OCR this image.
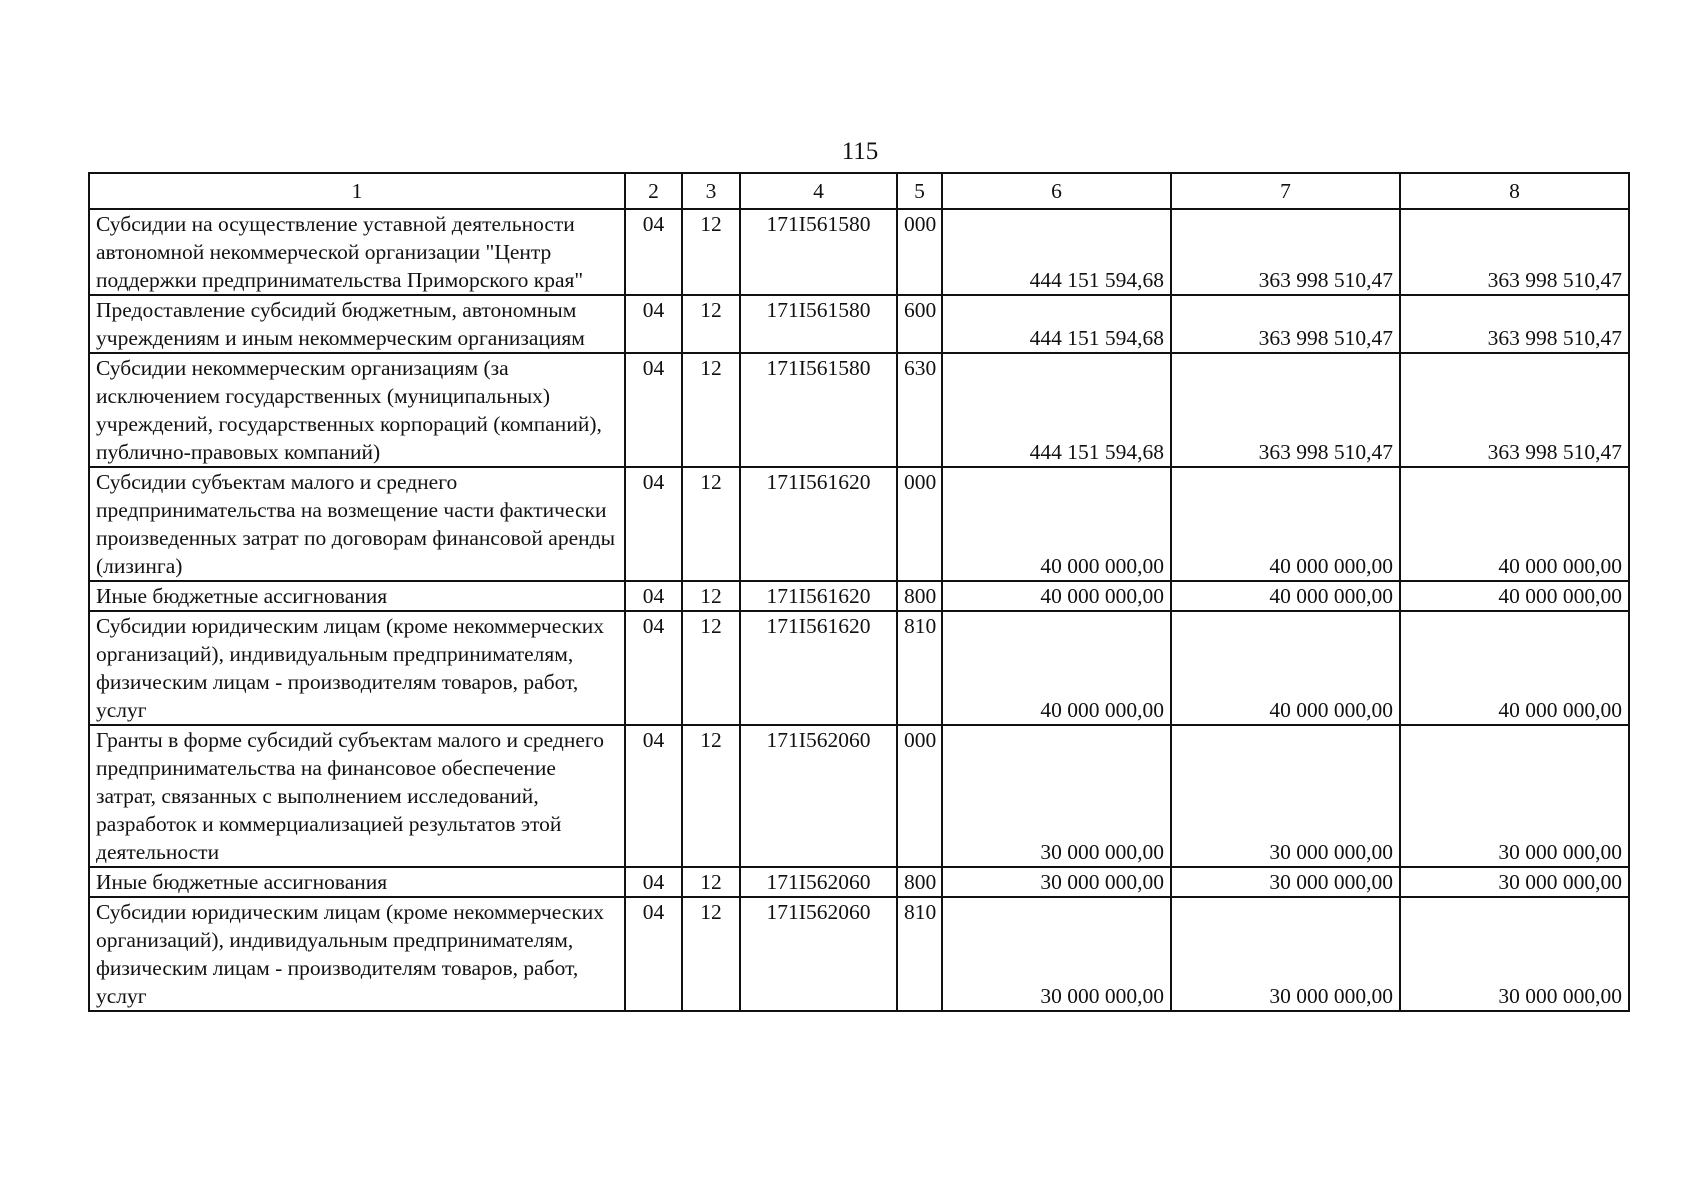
115
1	2	3	4	5	6	7	8
Субсидии на осуществление уставной деятельности автономной некоммерческой организации "Центр поддержки предпринимательства Приморского края"	04	12	171I561580	000	444 151 594,68	363 998 510,47	363 998 510,47
Предоставление субсидий бюджетным, автономным учреждениям и иным некоммерческим организациям	04	12	171I561580	600	444 151 594,68	363 998 510,47	363 998 510,47
Субсидии некоммерческим организациям (за исключением государственных (муниципальных) учреждений, государственных корпораций (компаний), публично-правовых компаний)	04	12	171I561580	630	444 151 594,68	363 998 510,47	363 998 510,47
Субсидии субъектам малого и среднего предпринимательства на возмещение части фактически произведенных затрат по договорам финансовой аренды (лизинга)	04	12	171I561620	000	40 000 000,00	40 000 000,00	40 000 000,00
Иные бюджетные ассигнования	04	12	171I561620	800	40 000 000,00	40 000 000,00	40 000 000,00
Субсидии юридическим лицам (кроме некоммерческих организаций), индивидуальным предпринимателям, физическим лицам - производителям товаров, работ, услуг	04	12	171I561620	810	40 000 000,00	40 000 000,00	40 000 000,00
Гранты в форме субсидий субъектам малого и среднего предпринимательства на финансовое обеспечение затрат, связанных с выполнением исследований, разработок и коммерциализацией результатов этой деятельности	04	12	171I562060	000	30 000 000,00	30 000 000,00	30 000 000,00
Иные бюджетные ассигнования	04	12	171I562060	800	30 000 000,00	30 000 000,00	30 000 000,00
Субсидии юридическим лицам (кроме некоммерческих организаций), индивидуальным предпринимателям, физическим лицам - производителям товаров, работ, услуг	04	12	171I562060	810	30 000 000,00	30 000 000,00	30 000 000,00
